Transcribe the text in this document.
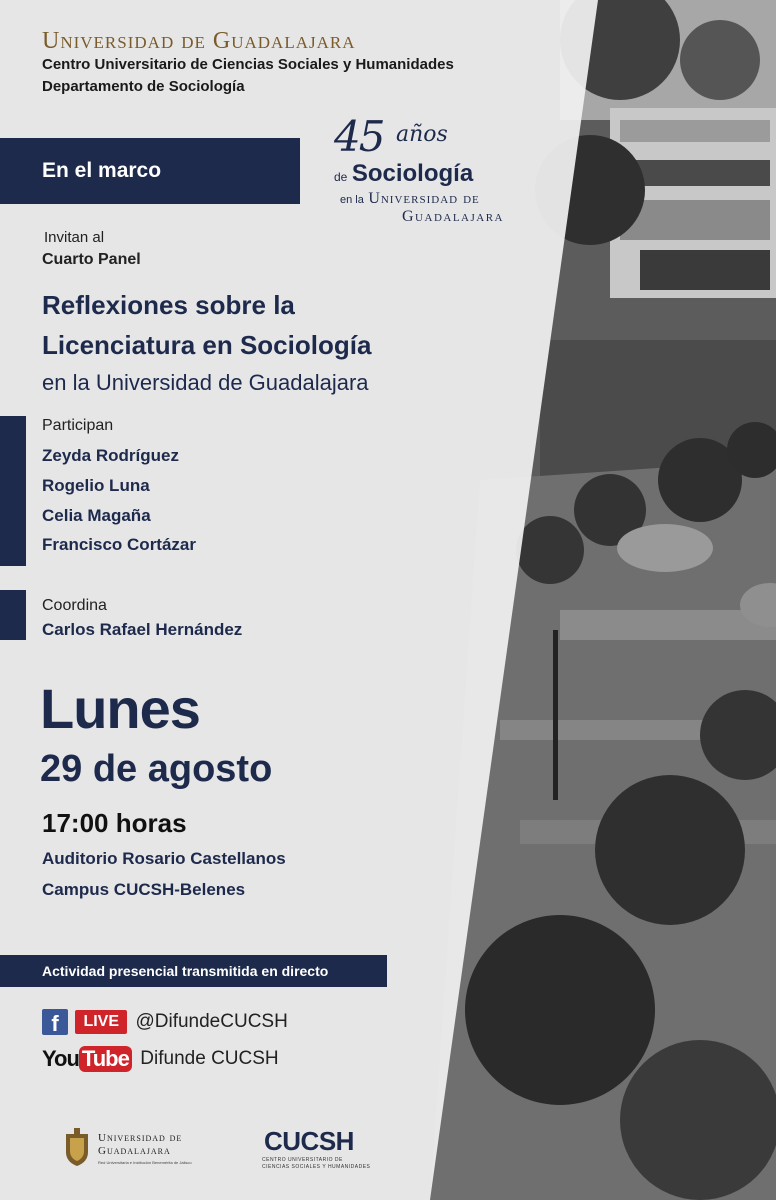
Universidad de Guadalajara
Centro Universitario de Ciencias Sociales y Humanidades
Departamento de Sociología
En el marco
45 años
de Sociología
en la Universidad de
Guadalajara
Invitan al
Cuarto Panel
Reflexiones sobre la
Licenciatura en Sociología
en la Universidad de Guadalajara
Participan
Zeyda Rodríguez
Rogelio Luna
Celia Magaña
Francisco Cortázar
Coordina
Carlos Rafael Hernández
Lunes
29 de agosto
17:00 horas
Auditorio Rosario Castellanos
Campus CUCSH-Belenes
Actividad presencial transmitida en directo
f LIVE @DifundeCUCSH
You Tube Difunde CUCSH
Universidad de
Guadalajara
Red Universitaria e Institución Benemérita de Jalisco
CUCSH
CENTRO UNIVERSITARIO DE
CIENCIAS SOCIALES Y HUMANIDADES
